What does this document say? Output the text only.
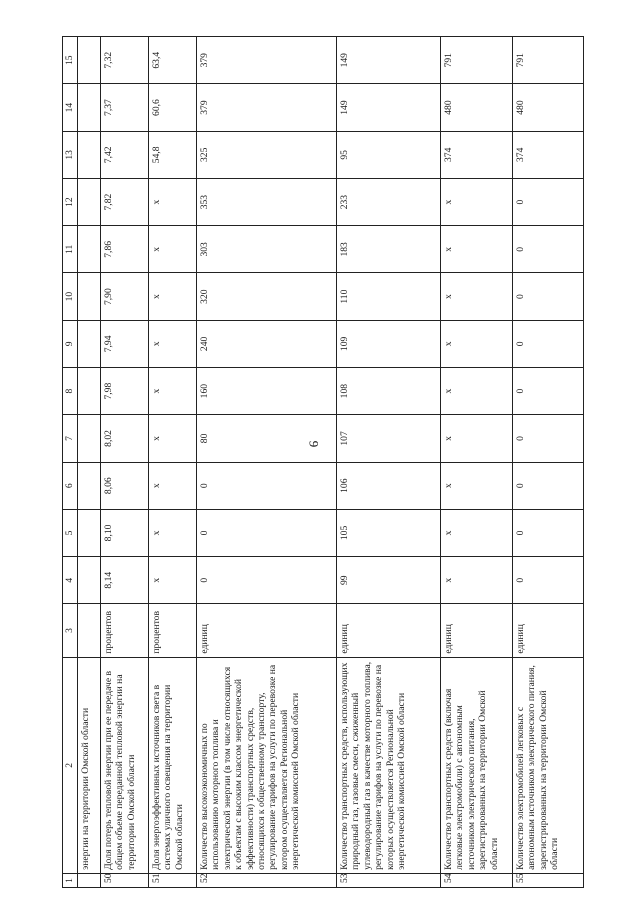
9
1	2	3	4	5	6	7	8	9	10	11	12	13	14	15
	энергии на территории Омской области													
50	Доля потерь тепловой энергии при ее передаче в общем объеме переданной тепловой энергии на территории Омской области	процентов	8,14	8,10	8,06	8,02	7,98	7,94	7,90	7,86	7,82	7,42	7,37	7,32
51	Доля энергоэффективных источников света в системах уличного освещения на территории Омской области	процентов	х	х	х	х	х	х	х	х	х	54,8	60,6	63,4
52	Количество высокоэкономичных по использованию моторного топлива и электрической энергии (в том числе относящихся к объектам с высоким классом энергетической эффективности) транспортных средств, относящихся к общественному транспорту, регулирование тарифов на услуги по перевозке на котором осуществляется Региональной энергетической комиссией Омской области	единиц	0	0	0	80	160	240	320	303	353	325	379	379
53	Количество транспортных средств, использующих природный газ, газовые смеси, сжиженный углеводородный газ в качестве моторного топлива, регулирование тарифов на услуги по перевозке на которых осуществляется Региональной энергетической комиссией Омской области	единиц	99	105	106	107	108	109	110	183	233	95	149	149
54	Количество транспортных средств (включая легковые электромобили) с автономным источником электрического питания, зарегистрированных на территории Омской области	единиц	х	х	х	х	х	х	х	х	х	374	480	791
55	Количество электромобилей легковых с автономным источником электрического питания, зарегистрированных на территории Омской области	единиц	0	0	0	0	0	0	0	0	0	374	480	791
